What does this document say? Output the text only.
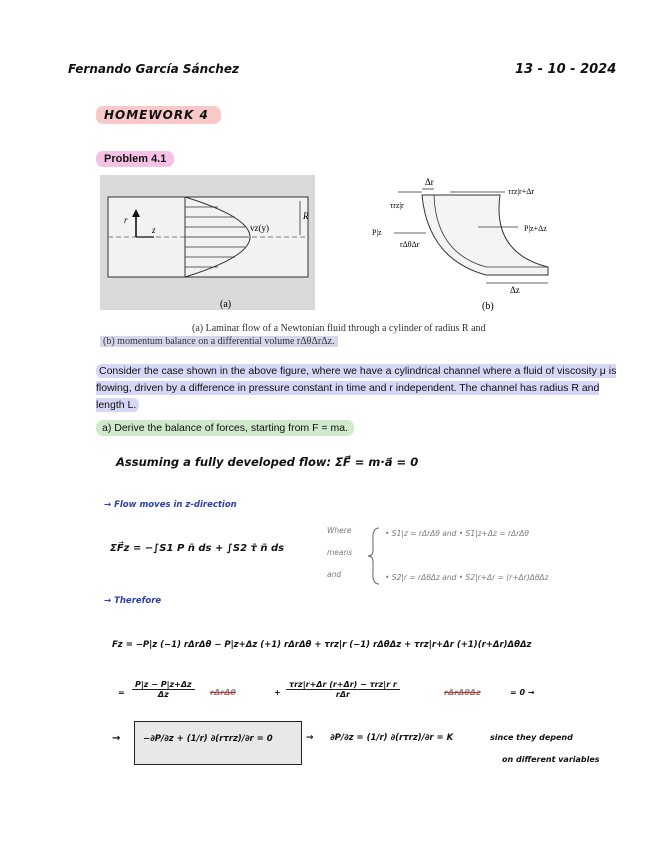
Fernando García Sánchez	13 - 10 - 2024
HOMEWORK 4
Problem 4.1
r
z	vz(y)
R
(a)
Δr
τrz|r+Δr
τrz|r
P|z	P|z+Δz
rΔθΔr
Δz
(b)
(a) Laminar flow of a Newtonian fluid through a cylinder of radius R and
(b) momentum balance on a differential volume rΔθΔrΔz.
Consider the case shown in the above figure, where we have a cylindrical channel where a fluid of viscosity μ is flowing, driven by a difference in pressure constant in time and r independent. The channel has radius R and length L.
a) Derive the balance of forces, starting from F = ma.
Assuming a fully developed flow: ΣF⃗ = m·a⃗ = 0
→ Flow moves in z-direction
ΣF⃗z = −∫S1 P n̄ ds + ∫S2 τ̄ n̄ ds
Where
means
and
• S1|z = rΔrΔθ and • S1|z+Δz = rΔrΔθ
• S2|r = rΔθΔz and • S2|r+Δr = (r+Δr)ΔθΔz
→ Therefore
Fz = −P|z (−1) rΔrΔθ − P|z+Δz (+1) rΔrΔθ + τrz|r (−1) rΔθΔz + τrz|r+Δr (+1)(r+Δr)ΔθΔz
= $\frac{P|z - P|z+\Delta z}{\Delta z}$ rΔrΔθ	+
τrz|r+Δr (r+Δr) − τrz|r r
rΔr	rΔrΔθΔz	= 0 →
→	−∂P/∂z + (1/r) ∂(rτrz)/∂r = 0	→ ∂P/∂z = (1/r) ∂(rτrz)/∂r = K	since they depend
on different variables
